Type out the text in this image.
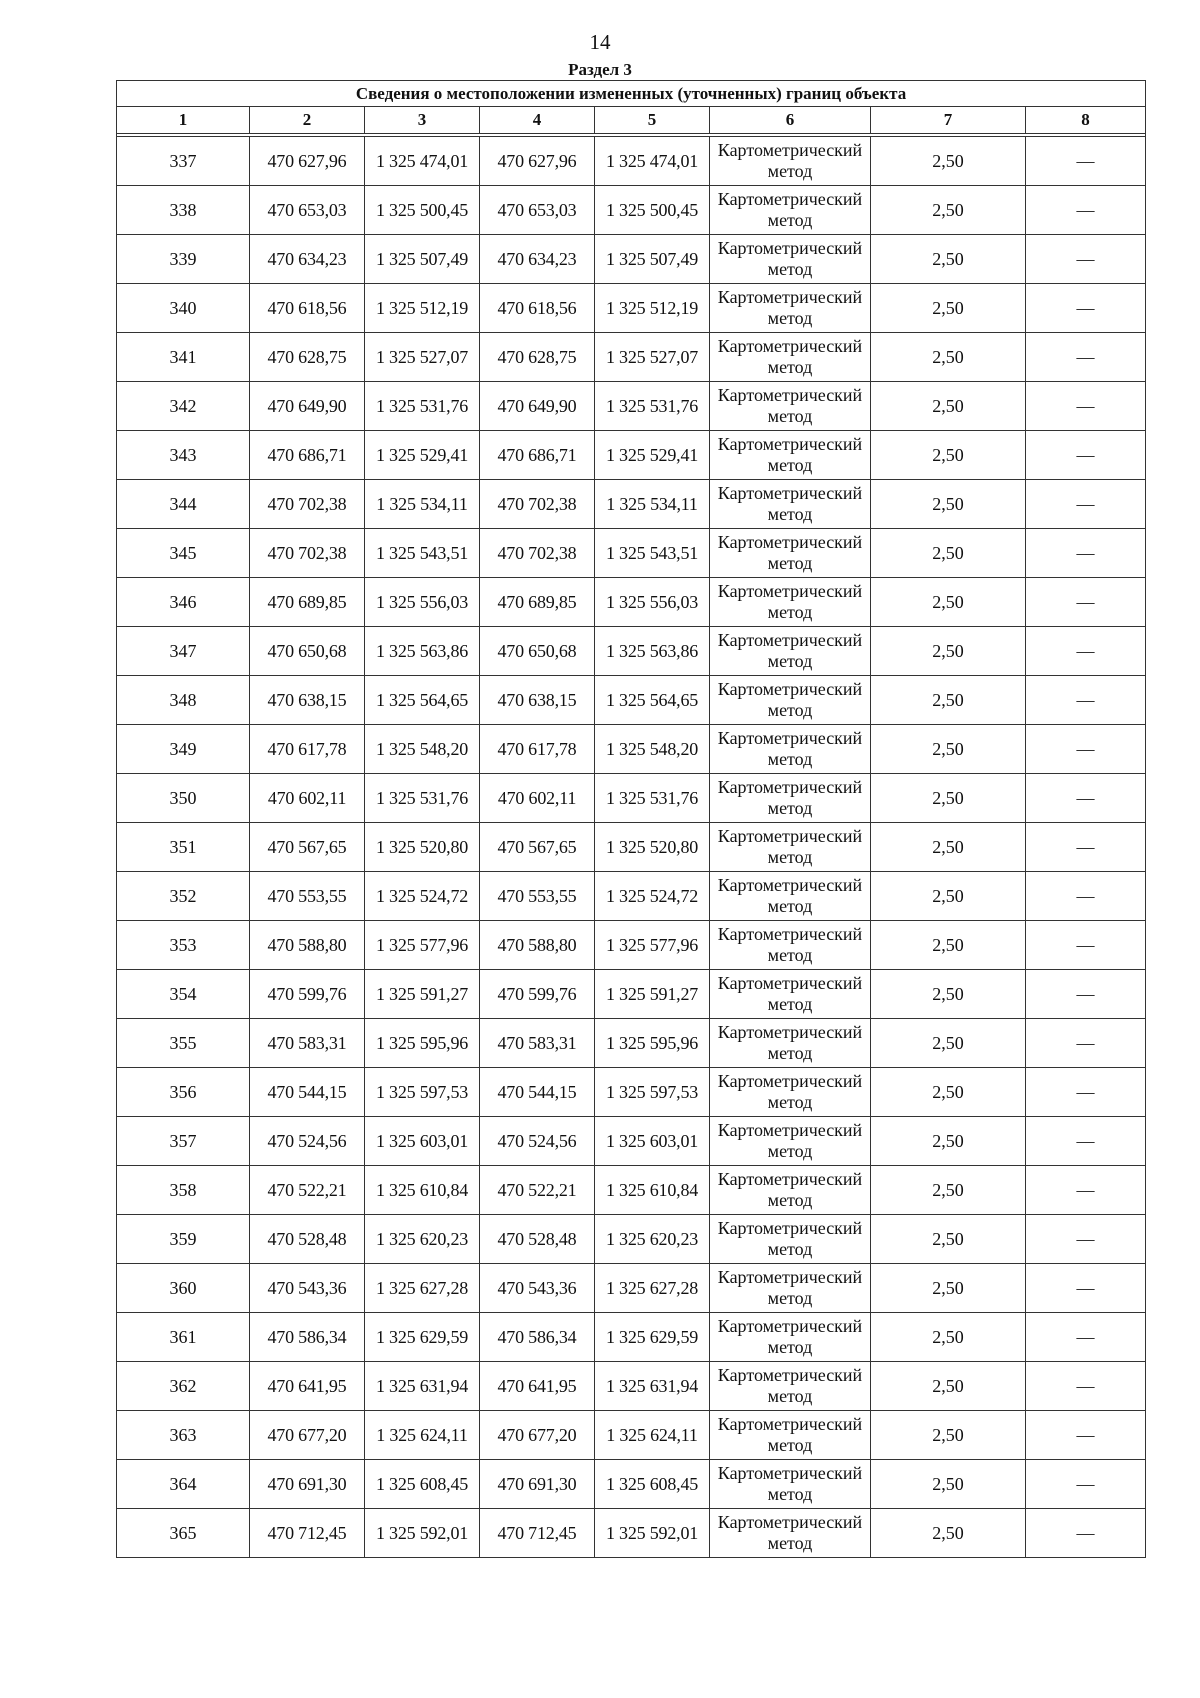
14
Раздел 3
Сведения о местоположении измененных (уточненных) границ объекта							
1	2	3	4	5	6	7	8

337	470 627,96	1 325 474,01	470 627,96	1 325 474,01	Картометрический метод	2,50	—
338	470 653,03	1 325 500,45	470 653,03	1 325 500,45	Картометрический метод	2,50	—
339	470 634,23	1 325 507,49	470 634,23	1 325 507,49	Картометрический метод	2,50	—
340	470 618,56	1 325 512,19	470 618,56	1 325 512,19	Картометрический метод	2,50	—
341	470 628,75	1 325 527,07	470 628,75	1 325 527,07	Картометрический метод	2,50	—
342	470 649,90	1 325 531,76	470 649,90	1 325 531,76	Картометрический метод	2,50	—
343	470 686,71	1 325 529,41	470 686,71	1 325 529,41	Картометрический метод	2,50	—
344	470 702,38	1 325 534,11	470 702,38	1 325 534,11	Картометрический метод	2,50	—
345	470 702,38	1 325 543,51	470 702,38	1 325 543,51	Картометрический метод	2,50	—
346	470 689,85	1 325 556,03	470 689,85	1 325 556,03	Картометрический метод	2,50	—
347	470 650,68	1 325 563,86	470 650,68	1 325 563,86	Картометрический метод	2,50	—
348	470 638,15	1 325 564,65	470 638,15	1 325 564,65	Картометрический метод	2,50	—
349	470 617,78	1 325 548,20	470 617,78	1 325 548,20	Картометрический метод	2,50	—
350	470 602,11	1 325 531,76	470 602,11	1 325 531,76	Картометрический метод	2,50	—
351	470 567,65	1 325 520,80	470 567,65	1 325 520,80	Картометрический метод	2,50	—
352	470 553,55	1 325 524,72	470 553,55	1 325 524,72	Картометрический метод	2,50	—
353	470 588,80	1 325 577,96	470 588,80	1 325 577,96	Картометрический метод	2,50	—
354	470 599,76	1 325 591,27	470 599,76	1 325 591,27	Картометрический метод	2,50	—
355	470 583,31	1 325 595,96	470 583,31	1 325 595,96	Картометрический метод	2,50	—
356	470 544,15	1 325 597,53	470 544,15	1 325 597,53	Картометрический метод	2,50	—
357	470 524,56	1 325 603,01	470 524,56	1 325 603,01	Картометрический метод	2,50	—
358	470 522,21	1 325 610,84	470 522,21	1 325 610,84	Картометрический метод	2,50	—
359	470 528,48	1 325 620,23	470 528,48	1 325 620,23	Картометрический метод	2,50	—
360	470 543,36	1 325 627,28	470 543,36	1 325 627,28	Картометрический метод	2,50	—
361	470 586,34	1 325 629,59	470 586,34	1 325 629,59	Картометрический метод	2,50	—
362	470 641,95	1 325 631,94	470 641,95	1 325 631,94	Картометрический метод	2,50	—
363	470 677,20	1 325 624,11	470 677,20	1 325 624,11	Картометрический метод	2,50	—
364	470 691,30	1 325 608,45	470 691,30	1 325 608,45	Картометрический метод	2,50	—
365	470 712,45	1 325 592,01	470 712,45	1 325 592,01	Картометрический метод	2,50	—
